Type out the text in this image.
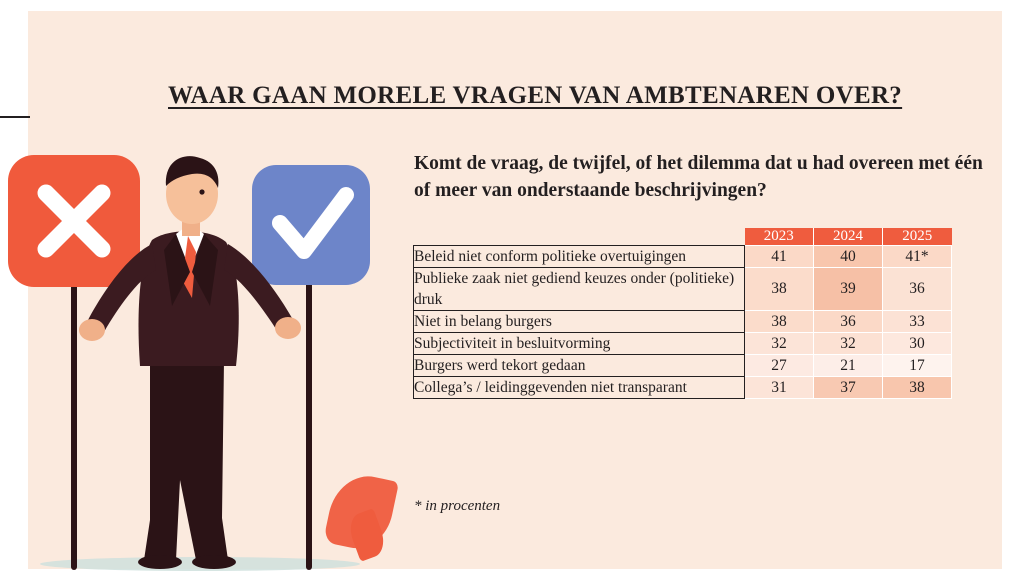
WAAR GAAN MORELE VRAGEN VAN AMBTENAREN OVER?
Komt de vraag, de twijfel, of het dilemma dat u had overeen met één of meer van onderstaande beschrijvingen?
	2023	2024	2025
Beleid niet conform politieke overtuigingen	41	40	41*
Publieke zaak niet gediend keuzes onder (politieke) druk	38	39	36
Niet in belang burgers	38	36	33
Subjectiviteit in besluitvorming	32	32	30
Burgers werd tekort gedaan	27	21	17
Collega’s / leidinggevenden niet transparant	31	37	38
* in procenten
